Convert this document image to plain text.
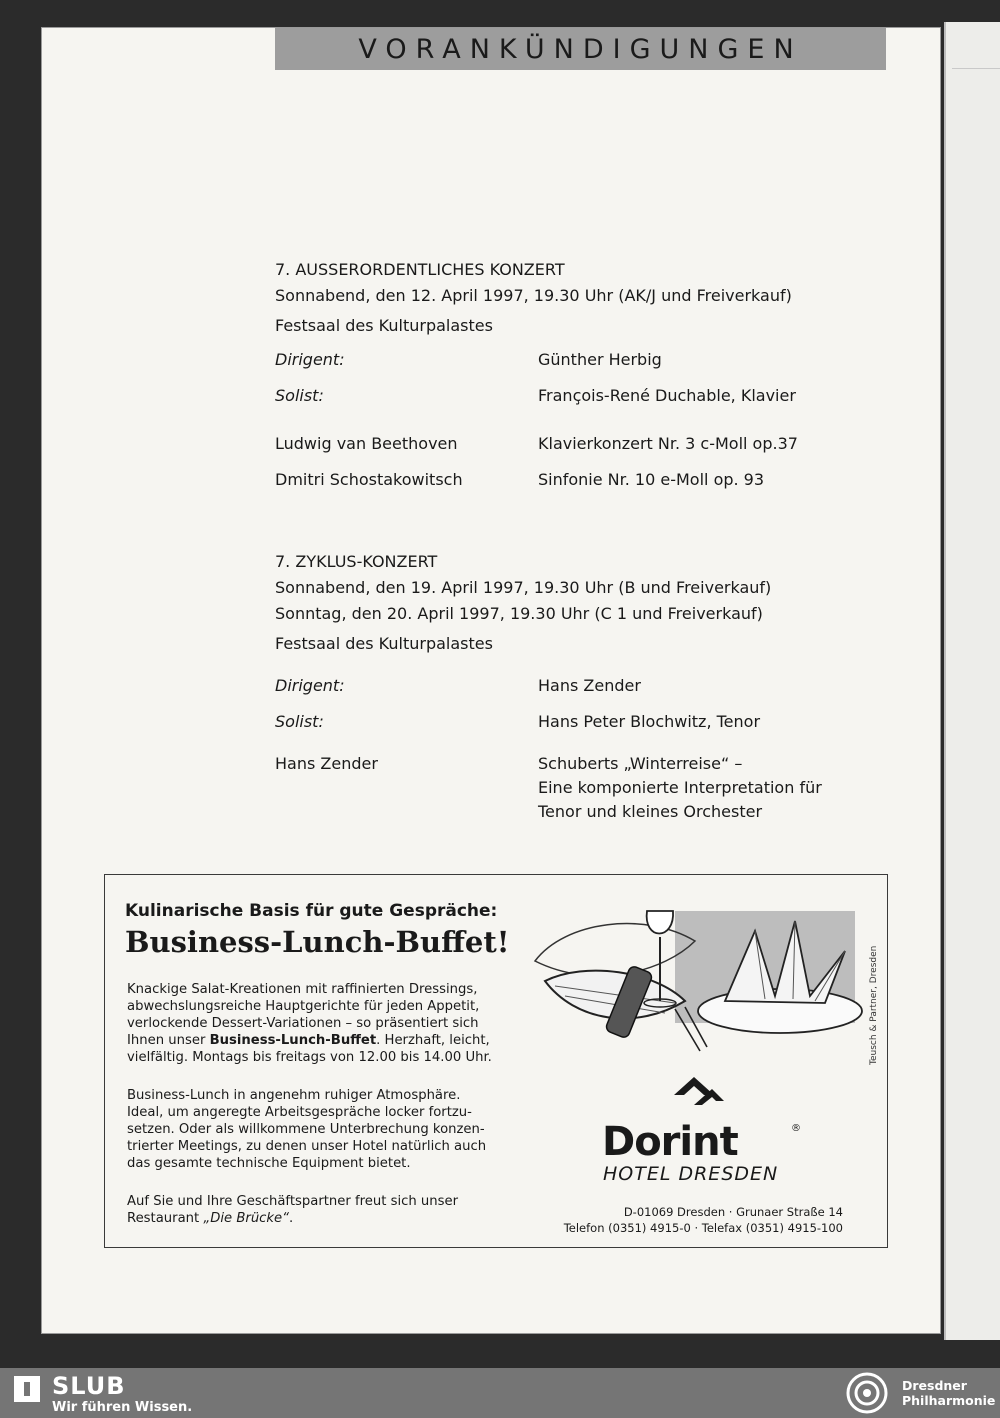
VORANKÜNDIGUNGEN
7. AUSSERORDENTLICHES KONZERT
Sonnabend, den 12. April 1997, 19.30 Uhr (AK/J und Freiverkauf)
Festsaal des Kulturpalastes
Dirigent:	Günther Herbig
Solist:	François-René Duchable, Klavier
Ludwig van Beethoven	Klavierkonzert Nr. 3 c-Moll op.37
Dmitri Schostakowitsch	Sinfonie Nr. 10 e-Moll op. 93
7. ZYKLUS-KONZERT
Sonnabend, den 19. April 1997, 19.30 Uhr (B und Freiverkauf)
Sonntag, den 20. April 1997, 19.30 Uhr (C 1 und Freiverkauf)
Festsaal des Kulturpalastes
Dirigent:	Hans Zender
Solist:	Hans Peter Blochwitz, Tenor
Hans Zender	Schuberts „Winterreise“ –
Eine komponierte Interpretation für
Tenor und kleines Orchester
Kulinarische Basis für gute Gespräche:
Business-Lunch-Buffet!
Knackige Salat-Kreationen mit raffinierten Dressings,
abwechslungsreiche Hauptgerichte für jeden Appetit,
verlockende Dessert-Variationen – so präsentiert sich
Ihnen unser Business-Lunch-Buffet. Herzhaft, leicht,
vielfältig. Montags bis freitags von 12.00 bis 14.00 Uhr.
Business-Lunch in angenehm ruhiger Atmosphäre.
Ideal, um angeregte Arbeitsgespräche locker fortzu-
setzen. Oder als willkommene Unterbrechung konzen-
trierter Meetings, zu denen unser Hotel natürlich auch
das gesamte technische Equipment bietet.
Auf Sie und Ihre Geschäftspartner freut sich unser
Restaurant „Die Brücke“.
Teusch & Partner, Dresden
Dorint	®
HOTEL DRESDEN
D-01069 Dresden · Grunaer Straße 14
Telefon (0351) 4915-0 · Telefax (0351) 4915-100
SLUB
Wir führen Wissen.
Dresdner
Philharmonie
